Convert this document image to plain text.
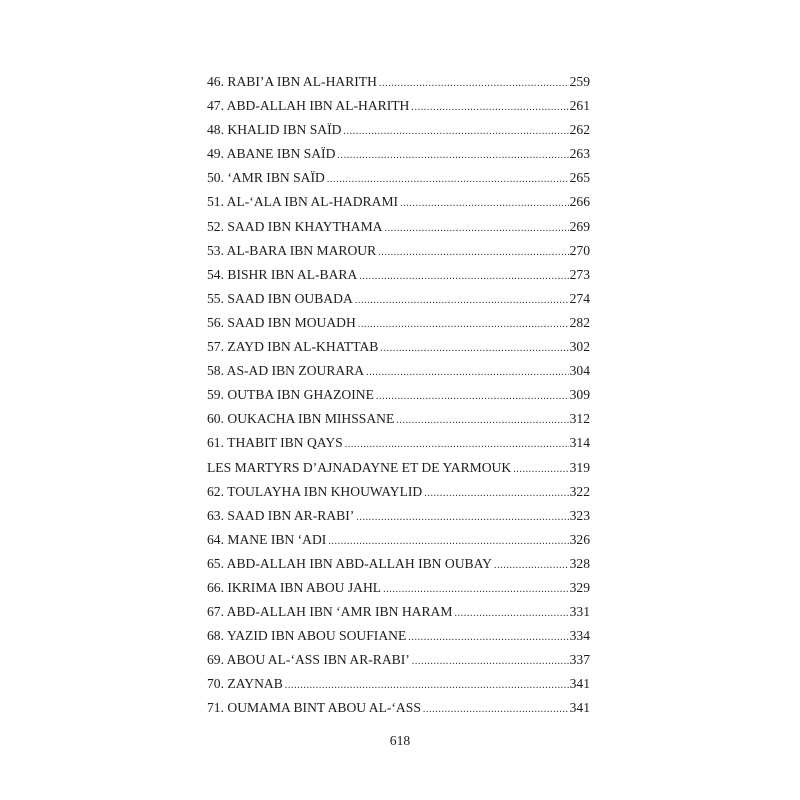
46. RABI’A IBN AL-HARITH .....	259
47. ABD-ALLAH IBN AL-HARITH .....	261
48. KHALID IBN SAÏD .....	262
49. ABANE IBN SAÏD .....	263
50. ‘AMR IBN SAÏD .....	265
51. AL-‘ALA IBN AL-HADRAMI .....	266
52. SAAD IBN KHAYTHAMA .....	269
53. AL-BARA IBN MAROUR .....	270
54. BISHR IBN AL-BARA .....	273
55. SAAD IBN OUBADA .....	274
56. SAAD IBN MOUADH .....	282
57. ZAYD IBN AL-KHATTAB .....	302
58. AS-AD IBN ZOURARA .....	304
59. OUTBA IBN GHAZOINE .....	309
60. OUKACHA IBN MIHSSANE .....	312
61. THABIT IBN QAYS .....	314
LES MARTYRS D’AJNADAYNE ET DE YARMOUK .....	319
62. TOULAYHA IBN KHOUWAYLID .....	322
63. SAAD IBN AR-RABI’ .....	323
64. MANE IBN ‘ADI .....	326
65. ABD-ALLAH IBN ABD-ALLAH IBN OUBAY .....	328
66. IKRIMA IBN ABOU JAHL .....	329
67. ABD-ALLAH IBN ‘AMR IBN HARAM .....	331
68. YAZID IBN ABOU SOUFIANE .....	334
69. ABOU AL-‘ASS IBN AR-RABI’ .....	337
70. ZAYNAB .....	341
71. OUMAMA BINT ABOU AL-‘ASS .....	341
618
